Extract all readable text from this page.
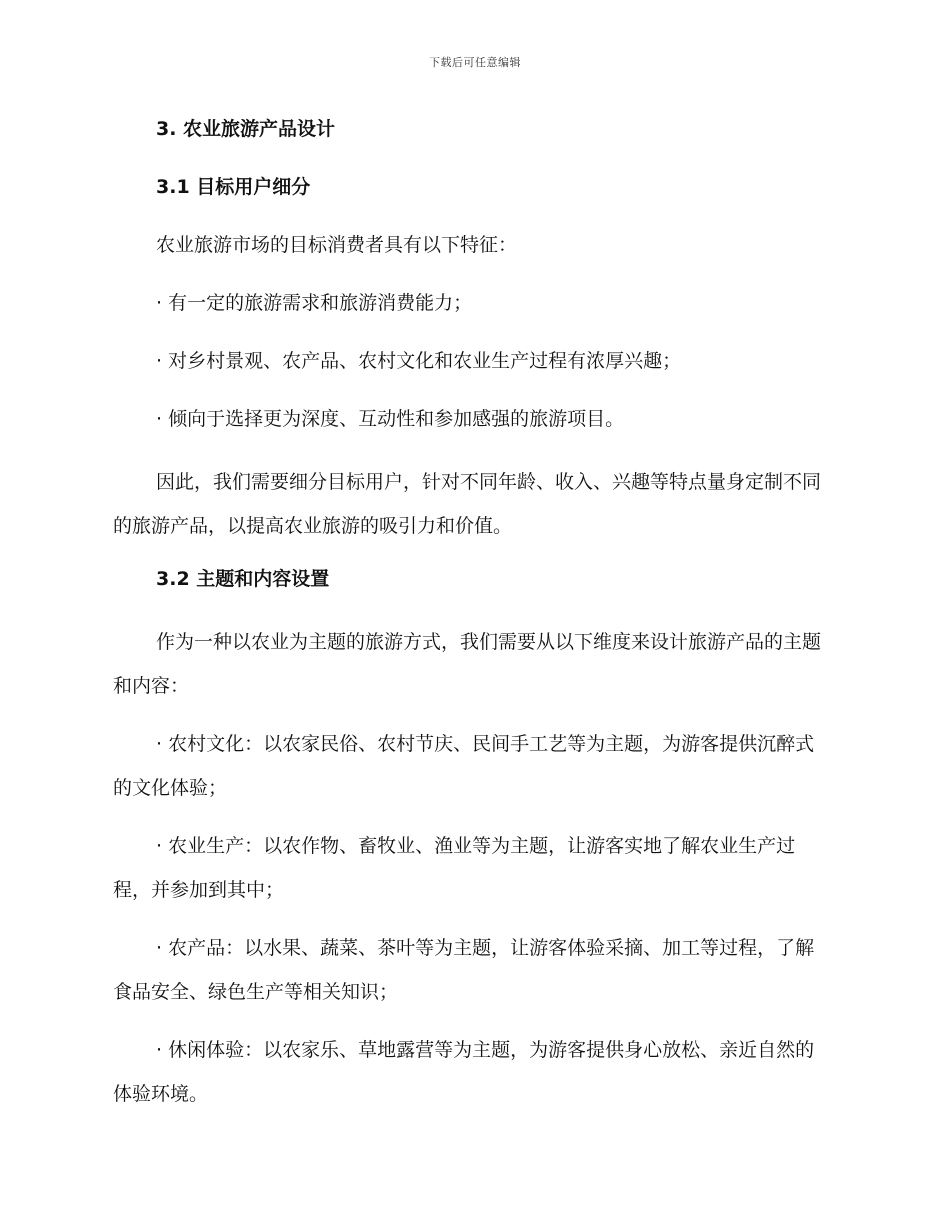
下载后可任意编辑
3. 农业旅游产品设计
3.1 目标用户细分
农业旅游市场的目标消费者具有以下特征：
· 有一定的旅游需求和旅游消费能力；
· 对乡村景观、农产品、农村文化和农业生产过程有浓厚兴趣；
· 倾向于选择更为深度、互动性和参加感强的旅游项目。
因此，我们需要细分目标用户，针对不同年龄、收入、兴趣等特点量身定制不同的旅游产品，以提高农业旅游的吸引力和价值。
3.2 主题和内容设置
作为一种以农业为主题的旅游方式，我们需要从以下维度来设计旅游产品的主题和内容：
· 农村文化：以农家民俗、农村节庆、民间手工艺等为主题，为游客提供沉醉式的文化体验；
· 农业生产：以农作物、畜牧业、渔业等为主题，让游客实地了解农业生产过程，并参加到其中；
· 农产品：以水果、蔬菜、茶叶等为主题，让游客体验采摘、加工等过程，了解食品安全、绿色生产等相关知识；
· 休闲体验：以农家乐、草地露营等为主题，为游客提供身心放松、亲近自然的体验环境。
